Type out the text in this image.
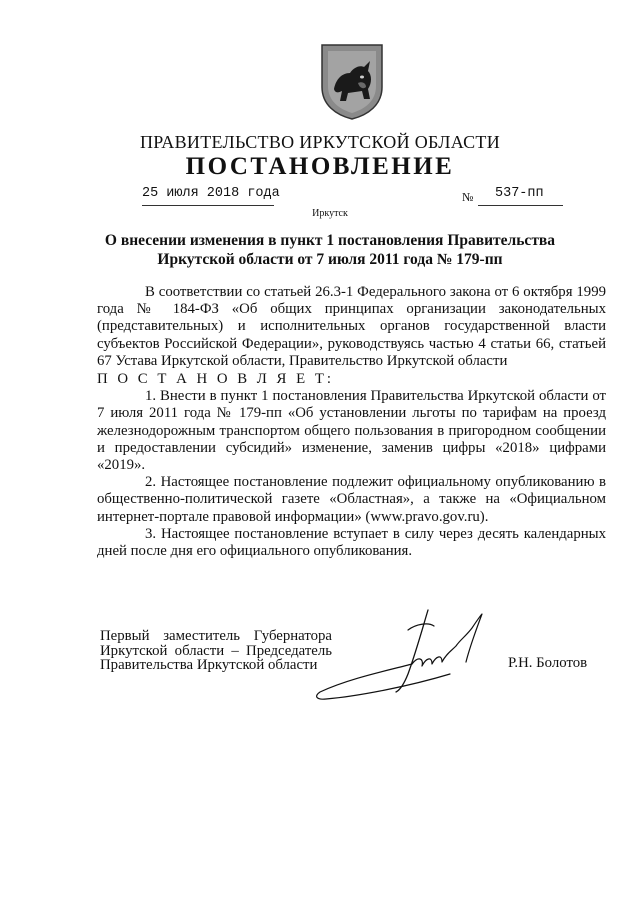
ПРАВИТЕЛЬСТВО ИРКУТСКОЙ ОБЛАСТИ
ПОСТАНОВЛЕНИЕ
25 июля 2018 года	№ 537-пп
Иркутск
О внесении изменения в пункт 1 постановления Правительства
Иркутской области от 7 июля 2011 года № 179-пп

В соответствии со статьей 26.3-1 Федерального закона от 6 октября 1999 года № 184-ФЗ «Об общих принципах организации законодательных (представительных) и исполнительных органов государственной власти субъектов Российской Федерации», руководствуясь частью 4 статьи 66, статьей 67 Устава Иркутской области, Правительство Иркутской области

П О С Т А Н О В Л Я Е Т:

1. Внести в пункт 1 постановления Правительства Иркутской области от 7 июля 2011 года № 179-пп «Об установлении льготы по тарифам на проезд железнодорожным транспортом общего пользования в пригородном сообщении и предоставлении субсидий» изменение, заменив цифры «2018» цифрами «2019».

2. Настоящее постановление подлежит официальному опубликованию в общественно-политической газете «Областная», а также на «Официальном интернет-портале правовой информации» (www.pravo.gov.ru).

3. Настоящее постановление вступает в силу через десять календарных дней после дня его официального опубликования.

Первый заместитель Губернатора
Иркутской области – Председатель
Правительства Иркутской области	Р.Н. Болотов
